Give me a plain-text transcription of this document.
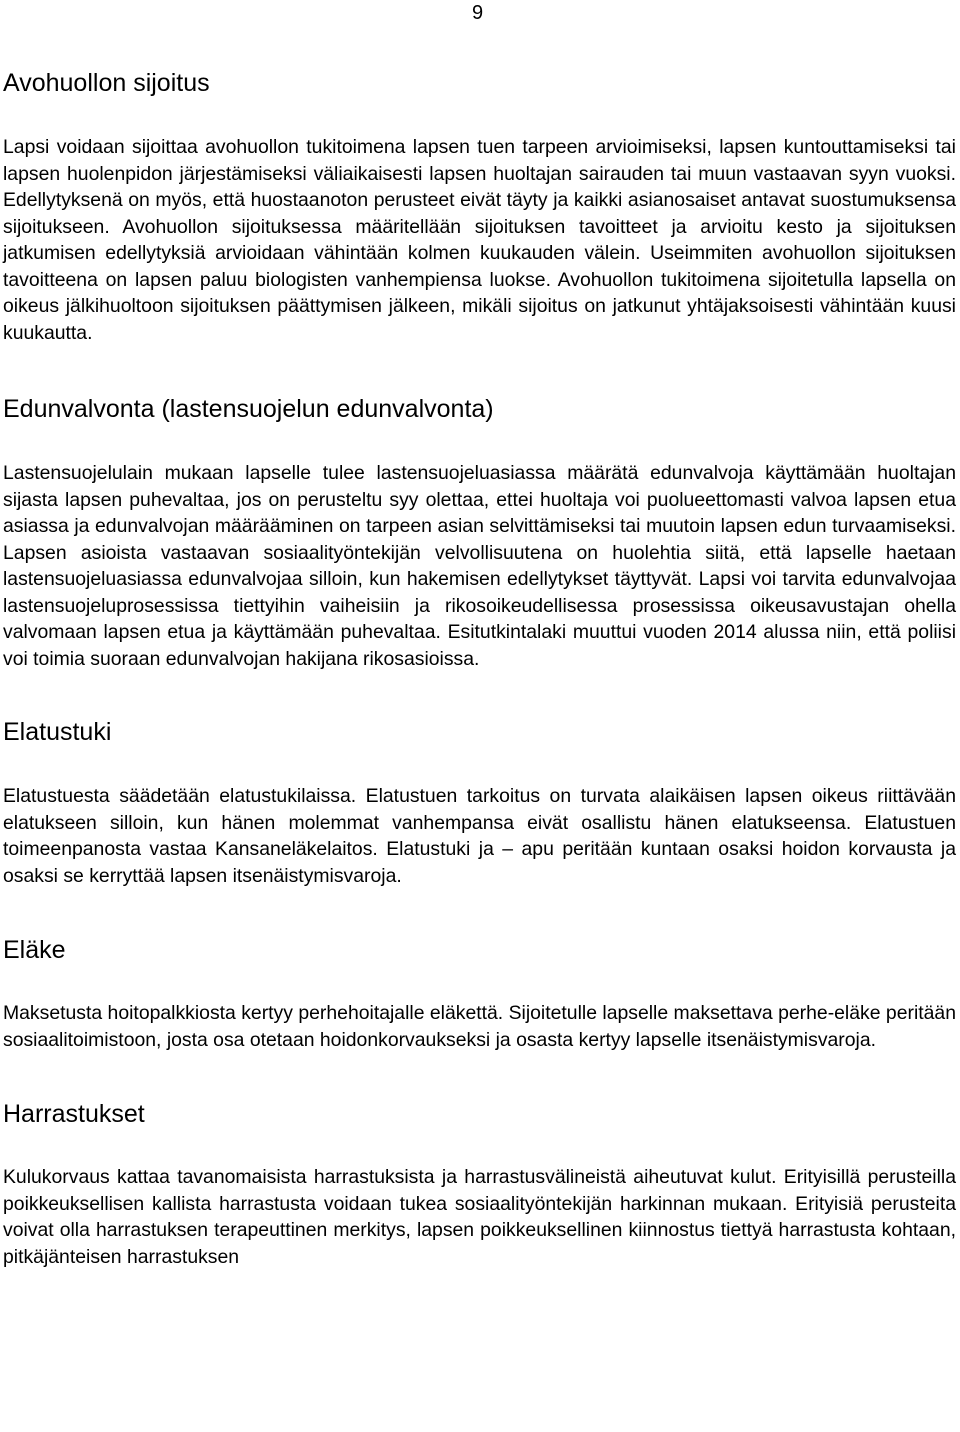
9
Avohuollon sijoitus

Lapsi voidaan sijoittaa avohuollon tukitoimena lapsen tuen tarpeen arvioimiseksi, lapsen kuntouttamiseksi tai lapsen huolenpidon järjestämiseksi väliaikaisesti lapsen huoltajan sairauden tai muun vastaavan syyn vuoksi. Edellytyksenä on myös, että huostaanoton perusteet eivät täyty ja kaikki asianosaiset antavat suostumuksensa sijoitukseen. Avohuollon sijoituksessa määritellään sijoituksen tavoitteet ja arvioitu kesto ja sijoituksen jatkumisen edellytyksiä arvioidaan vähintään kolmen kuukauden välein. Useimmiten avohuollon sijoituksen tavoitteena on lapsen paluu biologisten vanhempiensa luokse. Avohuollon tukitoimena sijoitetulla lapsella on oikeus jälkihuoltoon sijoituksen päättymisen jälkeen, mikäli sijoitus on jatkunut yhtäjaksoisesti vähintään kuusi kuukautta.

Edunvalvonta (lastensuojelun edunvalvonta)

Lastensuojelulain mukaan lapselle tulee lastensuojeluasiassa määrätä edunvalvoja käyttämään huoltajan sijasta lapsen puhevaltaa, jos on perusteltu syy olettaa, ettei huoltaja voi puolueettomasti valvoa lapsen etua asiassa ja edunvalvojan määrääminen on tarpeen asian selvittämiseksi tai muutoin lapsen edun turvaamiseksi. Lapsen asioista vastaavan sosiaalityöntekijän velvollisuutena on huolehtia siitä, että lapselle haetaan lastensuojeluasiassa edunvalvojaa silloin, kun hakemisen edellytykset täyttyvät. Lapsi voi tarvita edunvalvojaa lastensuojeluprosessissa tiettyihin vaiheisiin ja rikosoikeudellisessa prosessissa oikeusavustajan ohella valvomaan lapsen etua ja käyttämään puhevaltaa. Esitutkintalaki muuttui vuoden 2014 alussa niin, että poliisi voi toimia suoraan edunvalvojan hakijana rikosasioissa.

Elatustuki

Elatustuesta säädetään elatustukilaissa. Elatustuen tarkoitus on turvata alaikäisen lapsen oikeus riittävään elatukseen silloin, kun hänen molemmat vanhempansa eivät osallistu hänen elatukseensa. Elatustuen toimeenpanosta vastaa Kansaneläkelaitos. Elatustuki ja – apu peritään kuntaan osaksi hoidon korvausta ja osaksi se kerryttää lapsen itsenäistymisvaroja.

Eläke

Maksetusta hoitopalkkiosta kertyy perhehoitajalle eläkettä. Sijoitetulle lapselle maksettava perhe-eläke peritään sosiaalitoimistoon, josta osa otetaan hoidonkorvaukseksi ja osasta kertyy lapselle itsenäistymisvaroja.

Harrastukset

Kulukorvaus kattaa tavanomaisista harrastuksista ja harrastusvälineistä aiheutuvat kulut. Erityisillä perusteilla poikkeuksellisen kallista harrastusta voidaan tukea sosiaalityöntekijän harkinnan mukaan. Erityisiä perusteita voivat olla harrastuksen terapeuttinen merkitys, lapsen poikkeuksellinen kiinnostus tiettyä harrastusta kohtaan, pitkäjänteisen harrastuksen
